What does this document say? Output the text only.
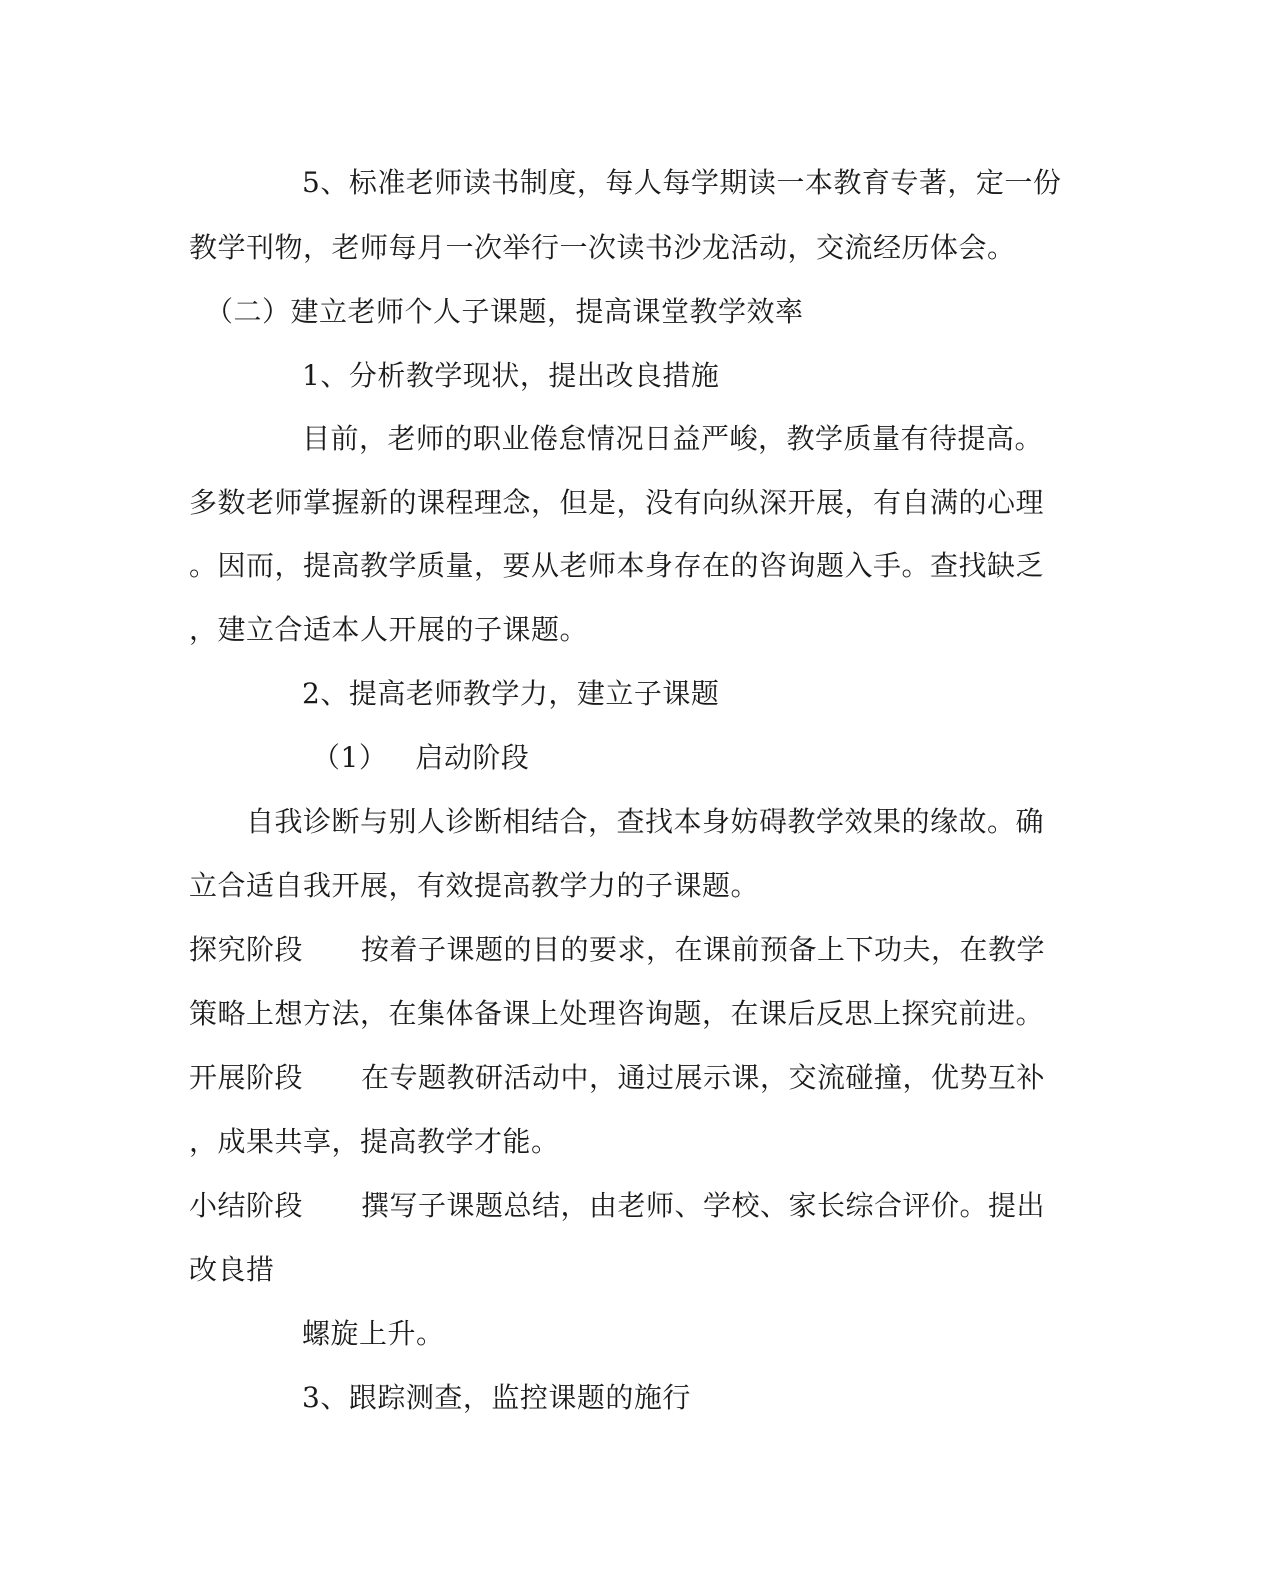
5、标准老师读书制度，每人每学期读一本教育专著，定一份
教学刊物，老师每月一次举行一次读书沙龙活动，交流经历体会。
（二）建立老师个人子课题，提高课堂教学效率
1、分析教学现状，提出改良措施
目前，老师的职业倦怠情况日益严峻，教学质量有待提高。
多数老师掌握新的课程理念，但是，没有向纵深开展，有自满的心理
。因而，提高教学质量，要从老师本身存在的咨询题入手。查找缺乏
，建立合适本人开展的子课题。
2、提高老师教学力，建立子课题
（1） 启动阶段
自我诊断与别人诊断相结合，查找本身妨碍教学效果的缘故。确
立合适自我开展，有效提高教学力的子课题。
探究阶段 按着子课题的目的要求，在课前预备上下功夫，在教学
策略上想方法，在集体备课上处理咨询题，在课后反思上探究前进。
开展阶段 在专题教研活动中，通过展示课，交流碰撞，优势互补
，成果共享，提高教学才能。
小结阶段 撰写子课题总结，由老师、学校、家长综合评价。提出
改良措
螺旋上升。
3、跟踪测查，监控课题的施行
